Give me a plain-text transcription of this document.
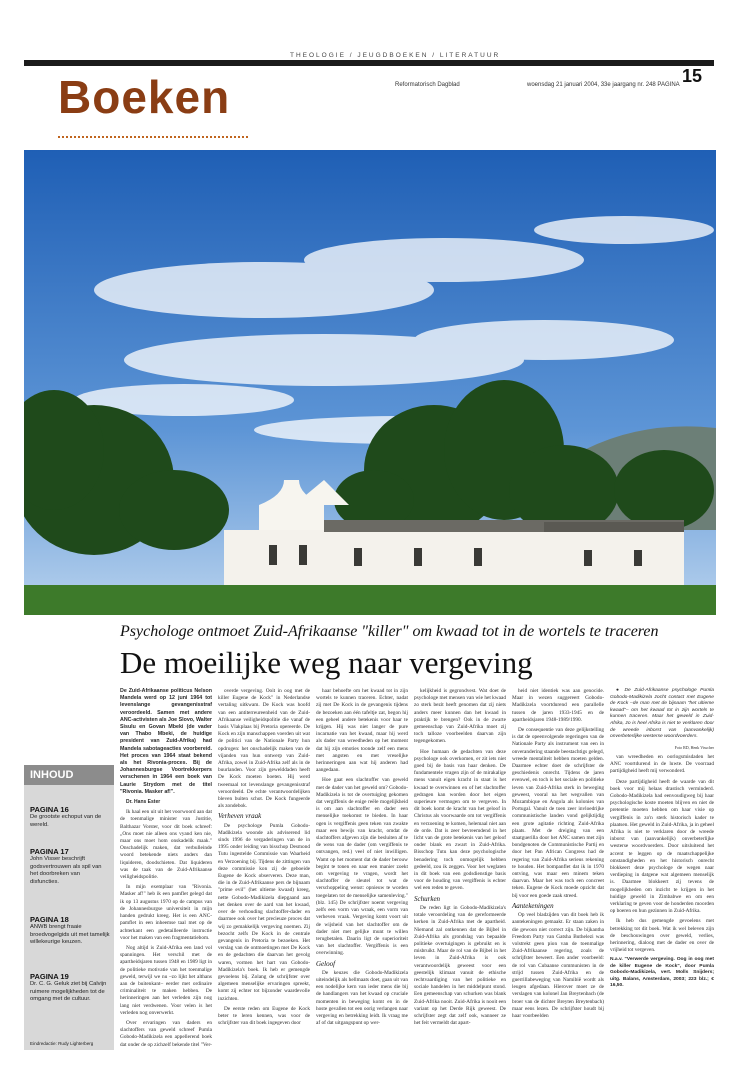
THEOLOGIE / JEUGDBOEKEN / LITERATUUR
Boeken	Reformatorisch Dagblad	woensdag 21 januari 2004, 33e jaargang nr. 248 PAGINA 15
Psychologe ontmoet Zuid-Afrikaanse "killer" om kwaad tot in de wortels te traceren
De moeilijke weg naar vergeving

De Zuid-Afrikaanse politicus Nelson Mandela werd op 12 juni 1964 tot levenslange gevangenisstraf veroordeeld. Samen met andere ANC-activisten als Joe Slovo, Walter Sisulu en Govan Mbeki (de vader van Thabo Mbeki, de huidige president van Zuid-Afrika) had Mandela sabotageacties voorbereid. Het proces van 1964 staat bekend als het Rivonia-proces. Bij de Johannesburgse Voortrekkerpers verschenen in 1964 een boek van Laurie Strydom met de titel "Rivonia. Masker af!".

Dr. Hans Ester

Ik haal een uit uit het voorwoord aan dat de toenmalige minister van Justitie, Balthazar Vorster, voor dit boek schreef: „Ons moet nie alleen ons vyand ken nie, maar ons moet hom onskadelik maak." Onschadelijk maken, dat verbulleinde woord betekende niets anders dan liquideren, doodschieten. Dat liquideren was de taak van de Zuid-Afrikaanse veiligheidspolitie.

In mijn exemplaar van "Rivonia. Masker af!" heb ik een pamflet gelegd dat ik op 13 augustus 1970 op de campus van de Johannesburgse universiteit in mijn handen gedrukt kreeg. Het is een ANC-pamflet in een inheemse taal met op de achterkant een gedetailleerde instructie voor het maken van een fragmentatiebom.

Nog altijd is Zuid-Afrika een land vol spanningen. Het verschil met de apartheidsjaren tussen 1948 en 1989 ligt in de politieke motivatie van het toenmalige geweld, terwijl we nu –zo lijkt het althans aan de buitenkant– eerder met ordinaire criminaliteit te maken hebben. De herinneringen aan het verleden zijn nog lang niet verdwenen. Voor velen is het verleden nog onverwerkt.

Over ervaringen van daders en slachtoffers van geweld schreef Pumla Gobodo-Madikizela een appellerend boek dat onder de op zichzelf bekende titel "Ver-

overde vergeving. Ooit in oog met de killer Eugene de Kock" in Nederlandse vertaling uitkwam. De Kock was hoofd van een antiterreureenheid van de Zuid-Afrikaanse veiligheidspolitie die vanaf de basis Vlakplaas bij Pretoria opereerde. De Kock en zijn manschappen voerden uit wat de politici van de Nationale Party hun opdrogen: het onschadelijk maken van de vijanden van hun ontwerp van Zuid-Afrika, zowel in Zuid-Afrika zelf als in de buurlanden. Voor zijn gewelddaden heeft De Kock moeten boeten. Hij werd tweemaal tot levenslange gevangenisstraf veroordeeld. De echte verantwoordelijken bleven buiten schot. De Kock fungeerde als zondebok.

Verheven vraak

De psychologe Pumla Gobodo-Madikizela woonde als adviserend lid sinds 1996 de vergaderingen van de in 1995 onder leiding van bisschop Desmond Tutu ingestelde Commissie van Waarheid en Verzoening bij. Tijdens de zittingen van deze commissie kon zij de geboeide Eugene de Kock observeren. Deze man, die in de Zuid-Afrikaanse pers de bijnaam "prime evil" (het ultieme kwaad) kreeg, nette Gobodo-Madikizela diepgaand aan het denken over de aard van het kwaad, over de verhouding slachtoffer-dader en daarmee ook over het precieuze proces dat wij zo gemakkelijk vergeving noemen. Zij bezocht zelfs De Kock in de centrale gevangenis in Pretoria te bezoeken. Het verslag van de ontmoetingen met De Kock en de gedachten die daarvan het gevolg waren, vormen het hart van Gobodo-Madikizela's boek. Ik heb er gemengde gevoelens bij. Zolang de schrijfster over algemeen menselijke ervaringen spreekt, komt zij echter tot bijzonder waardevolle inzichten.

De eerste reden om Eugene de Kock beter te leren kennen, was voor de schrijfster van dit boek ingegeven door

haar behoefte om het kwaad tot in zijn wortels te kunnen traceren. Echter, nadat zij met De Kock in de gevangenis tijdens de bezoeken aan één tafeltje zat, begon hij een geheel andere betekenis voor haar te krijgen. Hij was niet langer de pure incarnatie van het kwaad, maar hij werd als dader van wreedheden op het moment dat hij zijn emoties toonde zelf een mens met angsten en met vreselijke herinneringen aan wat hij anderen had aangedaan.

Hoe gaat een slachtoffer van geweld met de dader van het geweld om? Gobodo-Madikizela is tot de overtuiging gekomen dat vergiffenis de enige reële mogelijkheid is om aan slachtoffer en dader een menselijke toekomst te bieden. In haar ogen is vergiffenis geen teken van zwakte maar een bewijs van kracht, omdat de slachtoffers afgeven zijn die besluiten af te de wens van de dader (om vergiffenis te ontvangen, red.) veel of niet inwilligen. Wamt op het moment dat de dader berouw begint te tonen en naar een manier zoekt om vergeving te vragen, wordt het slachtoffer de sleutel tot wat de verschoppeling wenst: opnieuw te worden toegelaten tot de menselijke samenleving." (blz. 145) De schrijfster noemt vergeving zelfs een vorm van wraak, een vorm van verheven vraak. Vergeving komt voort uit de wijsheid van het slachtoffer om de dader niet met gelijke munt te willen terugbetalen. Daarin ligt de superioriteit van het slachtoffer. Vergiffenis is een overwinning.

Geloof

De keuzes die Gobodo-Madikizela uiteindelijk als hellmaats doet, gaan uit van een nodelijke kern van ieder mens die bij de handlangers van het kwaad op cruciale momenten in beweging komt en in de hoste gevallen tot een oorig verlangen naar vergeving en betrekking leidt. Ik vraag me af of dat uitgangspunt op wer-

kelijkheid is gegrondvest. Wat doet de psychologe met mensen van wie het kwaad zo sterk bezit heeft genomen dat zij niets anders meer kunnen dan het kwaad in praktijk te brengen? Ook in de zwarte gemeenschap van Zuid-Afrika moet zij toch talloze voorbeelden daarvan zijn tegengekomen.

Hoe humaan de gedachten van deze psychologe ook overkomen, er zit iets niet goed bij de basis van haar denken. De fundamentele vragen zijn of de mirakalige mens vanuit eigen kracht in staat is het kwaad te overwinnen en of het slachtoffer gedragen kan worden door het eigen superieure vermogen om te vergeven. In dit boek komt de kracht van het geloof in Christus als voorwaarde om tot vergiffenis en verzoening te komen, helemaal niet aan de orde. Dat is zeer bevreemdend in het licht van de grote betekenis van het geloof onder blank en zwart in Zuid-Afrika. Bisschop Tutu kan deze psychologische benadering toch onmogelijk hebben gedeeld, zou ik zeggen. Voor het weglaten in dit boek van een godsdienstige basis voor de houding van vergiffenis is echter wel een reden te geven.

Schurken

De reden ligt in Gobodo-Madikizela's totale veroordeling van de gereformeerde kerken in Zuid-Afrika met de apartheid. Niemand zal ontkennen dat de Bijbel in Zuid-Afrika als grondslag van bepaalde politieke overtuigingen is gebruikt en is misbruikt. Maar de rol van de Bijbel in het leven in Zuid-Afrika is ook verantwoordelijk geweest voor een geestelijk klimaat vanuit de ethische rechtvaardiging van het politieke en sociale handelen in het middelpunt stond. Een gemeenschap van schurken was blank Zuid-Afrika nooit. Zuid-Afrika is nooit een variant op het Derde Rijk geweest. De schrijfster zegt dat zelf ook, wanneer ze het feit vermeldt dat apart-

heid niet identiek was aan genocide. Maar in wezen suggereert Gobodo-Madikizela voortdurend een parallelle tussen de jaren 1933-1945 en de apartheidsjaren 1948-1989/1990.

De consequentie van deze gelijkstelling is dat de opeenvolgende regeringen van de Nationale Party als instrument van een in onverandering staande beestachtigs gelegd, wreede mentaliteit hebben moeten gelden. Daarmee echter doet de schrijfster de geschiedenis onrecht. Tijdens de jaren evenwel, en toch is het sociale en politieke leven van Zuid-Afrika sterk in beweging geweest, vooral na het wegvallen van Mozambique en Angola als kolonies van Portugal. Vanuit de toen zeer invloedrijke communistische landen vond gelijktijdig een grote agitatie richting Zuid-Afrika plaats. Met de dreiging van een staatguerilla door het ANC samen met zijn bondgenoten de Communistische Partij en door het Pan African Congress had de regering van Zuid-Afrika serieus rekening te houden. Het bompanflet dat ik in 1970 ontving, was maar een minem teken daarvan. Maar het was toch een concreet teken. Eugene de Kock moede opzicht dat bij voor een goede zaak streed.

Aantekeningen

Op veel bladzijden van dit boek heb ik aantekeningen gemaakt. Er staan zaken in die gewoon niet correct zijn. De bijkantha Freedom Party van Gatsha Buthelezi was volstrekt geen pion van de toenmalige Zuid-Afrikaanse regering, zoals de schrijfster beweert. Een ander voorbeeld: de rol van Cubaanse communisten in de strijd tussen Zuid-Afrika en de guerrillabeweging van Namibië wordt als leugen afgedaan. Hierover moet ze de verslagen van kolonel Jan Breytenbach (de broer van de dichter Breyten Breytenbach) maar eens lezen. De schrijfster houdt bij haar voorbeelden

● De Zuid-Afrikaanse psychologe Pumla Gobodo-Madikizela zocht contact met Eugene de Kock –de man met de bijnaam "het ultieme kwaad"– om het kwaad tot in zijn wortels te kunnen traceren. Maar het geweld in Zuid-Afrika, zo is heel Afrika is niet te verklaren door de wreede inborst van (aanvankelijk) onverbeterlijke westerse woordvoerders.

Foto RD, Henk Visscher

van wreedheden en oorlogsmisdaden het ANC voortdurend in de luwte. De voorraad partijdigheid heeft mij verwonderd.

Deze partijdigheid heeft de waarde van dit boek voor mij helaas drastisch verminderd. Gobodo-Madikizela had eenvoudigweg bij haar psychologische koste moeten blijven en niet de pretentie moeten hebben om haar visie op vergiffenis in zo'n sterk historisch kader te plaatsen. Het geweld in Zuid-Afrika, ja in geheel Afrika is niet te verklaren door de wreede inborst van (aanvankelijk) onverbeterlijke westerse woordvoerders. Door uitsluitend het accent te leggen op de maatschappelijke omstandigheden en het historisch onrecht blokkeert deze psychologe de wegen naar verdieping in datgene wat algemeen menselijk is. Daarmee blokkeert zij tevens de mogelijkheden om inzicht te krijgen in het huidige geweld in Zimbabwe en om een verklaring te geven voor de honderden moorden op boeren en hun gezinnen in Zuid-Afrika.

Ik heb dus gemengde gevoelens met betrekking tot dit boek. Wat ik wel beleven zijn de beschouwingen over geweld, verlies, herinnering, dialoog met de dader en over de vrijheid tot vergeven.

N.a.v. "Verwerde vergeving. Oog in oog met de killer Eugene de Kock", door Pumla Gobodo-Madikizela, vert. Molls Snijders; uitg. Balans, Amsterdam, 2003; 223 blz.; € 16,50.

INHOUD

PAGINA 16

De grootste echoput van de wereld.

PAGINA 17

John Visser beschrijft godsvertrouwen als spil van het doorbreken van disfuncties.

PAGINA 18

ANWB brengt fraaie broedvogelgids uit met tamelijk willekeurige keuzen.

PAGINA 19

Dr. C. G. Geluk ziet bij Calvijn ruimere mogelijkheden tot de omgang met de cultuur.

Eindredactie: Rudy Lighterberg
